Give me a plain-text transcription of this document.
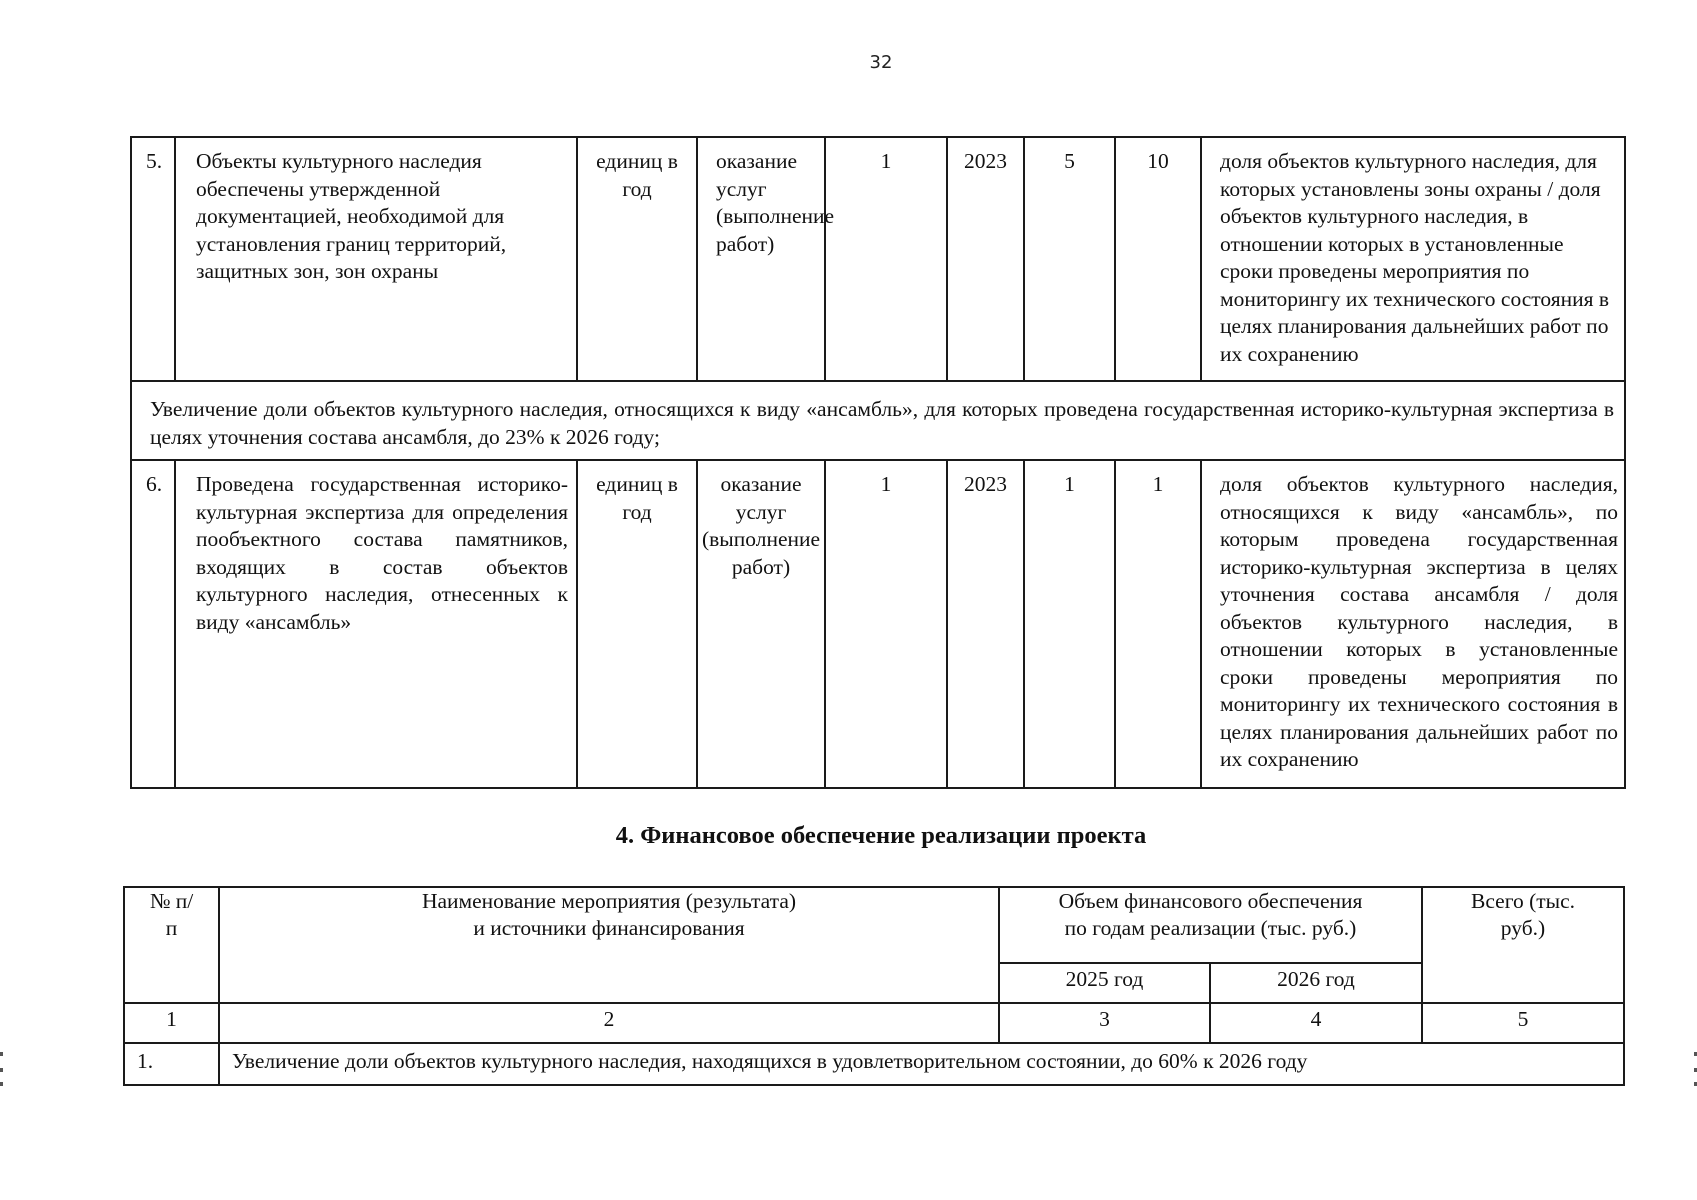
32
5.	Объекты культурного наследия обеспечены утвержденной документацией, необходимой для установления границ территорий, защитных зон, зон охраны	единиц в год	оказание услуг (выполнение работ)	1	2023	5	10	доля объектов культурного наследия, для которых установлены зоны охраны / доля объектов культурного наследия, в отношении которых в установленные сроки проведены мероприятия по мониторингу их технического состояния в целях планирования дальнейших работ по их сохранению
Увеличение доли объектов культурного наследия, относящихся к виду «ансамбль», для которых проведена государственная историко-культурная экспертиза в целях уточнения состава ансамбля, до 23% к 2026 году;								
6.	Проведена государственная историко-культурная экспертиза для определения пообъектного состава памятников, входящих в состав объектов культурного наследия, отнесенных к виду «ансамбль»	единиц в год	оказание услуг (выполнение работ)	1	2023	1	1	доля объектов культурного наследия, относящихся к виду «ансамбль», по которым проведена государственная историко-культурная экспертиза в целях уточнения состава ансамбля / доля объектов культурного наследия, в отношении которых в установленные сроки проведены мероприятия по мониторингу их технического состояния в целях планирования дальнейших работ по их сохранению
4. Финансовое обеспечение реализации проекта
№ п/п	Наименование мероприятия (результата) и источники финансирования	Объем финансового обеспечения по годам реализации (тыс. руб.)		Всего (тыс. руб.)
		2025 год	2026 год	
1	2	3	4	5
1.	Увеличение доли объектов культурного наследия, находящихся в удовлетворительном состоянии, до 60% к 2026 году			
